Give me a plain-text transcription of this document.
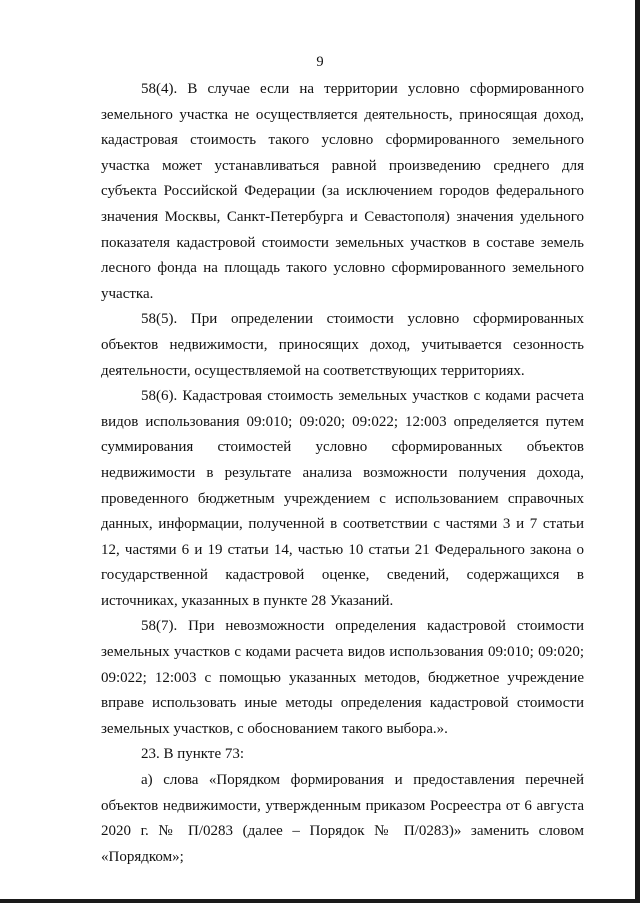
9

58(4). В случае если на территории условно сформированного земельного участка не осуществляется деятельность, приносящая доход, кадастровая стоимость такого условно сформированного земельного участка может устанавливаться равной произведению среднего для субъекта Российской Федерации (за исключением городов федерального значения Москвы, Санкт-Петербурга и Севастополя) значения удельного показателя кадастровой стоимости земельных участков в составе земель лесного фонда на площадь такого условно сформированного земельного участка.

58(5). При определении стоимости условно сформированных объектов недвижимости, приносящих доход, учитывается сезонность деятельности, осуществляемой на соответствующих территориях.

58(6). Кадастровая стоимость земельных участков с кодами расчета видов использования 09:010; 09:020; 09:022; 12:003 определяется путем суммирования стоимостей условно сформированных объектов недвижимости в результате анализа возможности получения дохода, проведенного бюджетным учреждением с использованием справочных данных, информации, полученной в соответствии с частями 3 и 7 статьи 12, частями 6 и 19 статьи 14, частью 10 статьи 21 Федерального закона о государственной кадастровой оценке, сведений, содержащихся в источниках, указанных в пункте 28 Указаний.

58(7). При невозможности определения кадастровой стоимости земельных участков с кодами расчета видов использования 09:010; 09:020; 09:022; 12:003 с помощью указанных методов, бюджетное учреждение вправе использовать иные методы определения кадастровой стоимости земельных участков, с обоснованием такого выбора.».

23. В пункте 73:

а) слова «Порядком формирования и предоставления перечней объектов недвижимости, утвержденным приказом Росреестра от 6 августа 2020 г. № П/0283 (далее – Порядок № П/0283)» заменить словом «Порядком»;
